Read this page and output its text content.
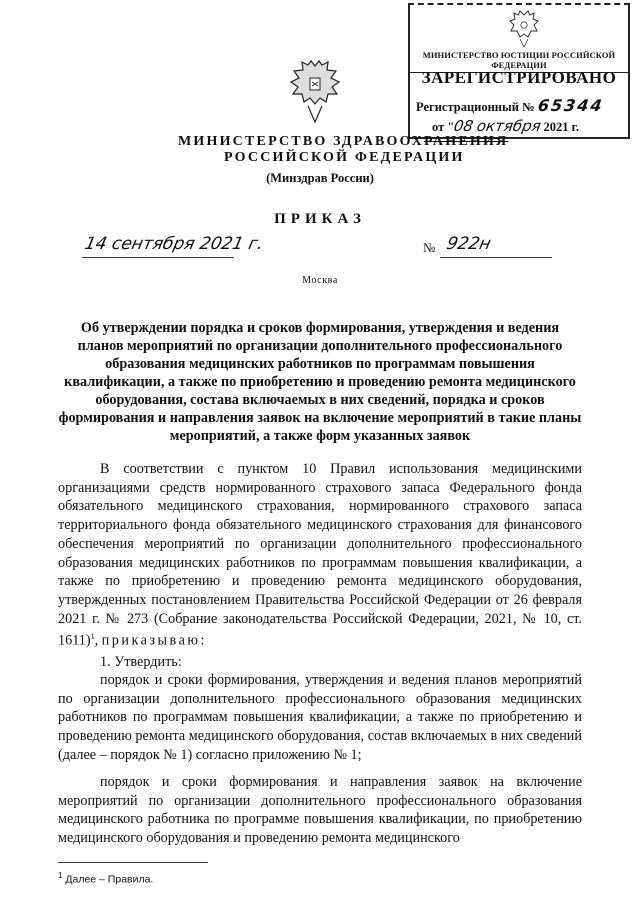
МИНИСТЕРСТВО ЮСТИЦИИ РОССИЙСКОЙ ФЕДЕРАЦИИ
ЗАРЕГИСТРИРОВАНО
Регистрационный № 65344
от "08 октября 2021 г.
МИНИСТЕРСТВО ЗДРАВООХРАНЕНИЯ
РОССИЙСКОЙ ФЕДЕРАЦИИ
(Минздрав России)
ПРИКАЗ
14 сентября 2021 г.	№ 922н
Москва
Об утверждении порядка и сроков формирования, утверждения и ведения планов мероприятий по организации дополнительного профессионального образования медицинских работников по программам повышения квалификации, а также по приобретению и проведению ремонта медицинского оборудования, состава включаемых в них сведений, порядка и сроков формирования и направления заявок на включение мероприятий в такие планы мероприятий, а также форм указанных заявок
В соответствии с пунктом 10 Правил использования медицинскими организациями средств нормированного страхового запаса Федерального фонда обязательного медицинского страхования, нормированного страхового запаса территориального фонда обязательного медицинского страхования для финансового обеспечения мероприятий по организации дополнительного профессионального образования медицинских работников по программам повышения квалификации, а также по приобретению и проведению ремонта медицинского оборудования, утвержденных постановлением Правительства Российской Федерации от 26 февраля 2021 г. № 273 (Собрание законодательства Российской Федерации, 2021, № 10, ст. 1611)$^1$, приказываю:
1. Утвердить:
порядок и сроки формирования, утверждения и ведения планов мероприятий по организации дополнительного профессионального образования медицинских работников по программам повышения квалификации, а также по приобретению и проведению ремонта медицинского оборудования, состав включаемых в них сведений (далее – порядок № 1) согласно приложению № 1;
порядок и сроки формирования и направления заявок на включение мероприятий по организации дополнительного профессионального образования медицинского работника по программе повышения квалификации, по приобретению медицинского оборудования и проведению ремонта медицинского
$^1$ Далее – Правила.
